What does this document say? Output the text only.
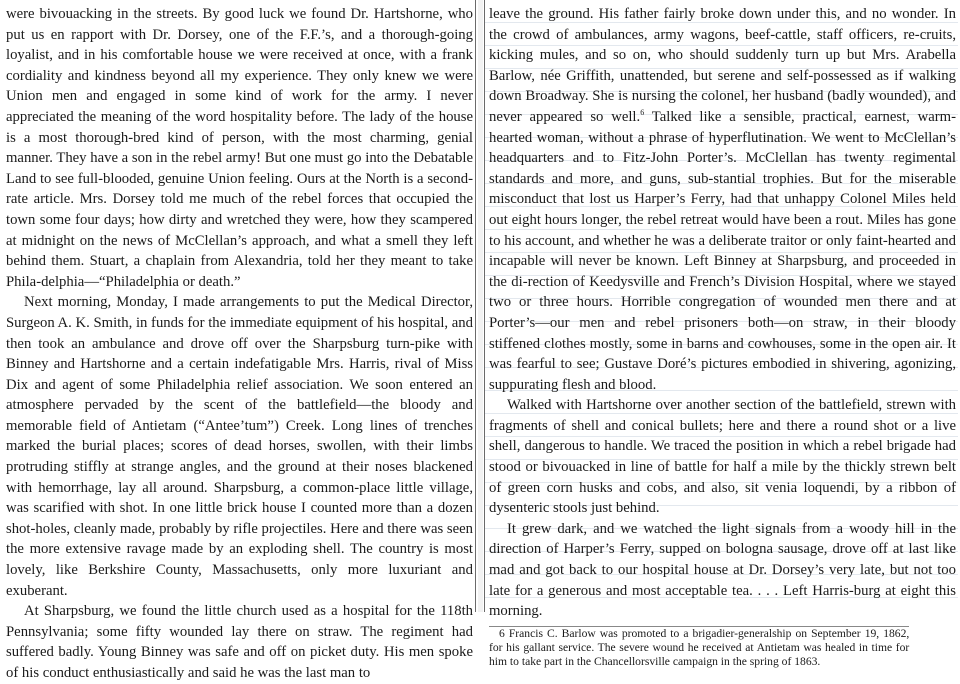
were bivouacking in the streets. By good luck we found Dr. Hartshorne, who put us en rapport with Dr. Dorsey, one of the F.F.’s, and a thorough-going loyalist, and in his comfortable house we were received at once, with a frank cordiality and kindness beyond all my experience. They only knew we were Union men and engaged in some kind of work for the army. I never appreciated the meaning of the word hospitality before. The lady of the house is a most thorough-bred kind of person, with the most charming, genial manner. They have a son in the rebel army! But one must go into the Debatable Land to see full-blooded, genuine Union feeling. Ours at the North is a second-rate article. Mrs. Dorsey told me much of the rebel forces that occupied the town some four days; how dirty and wretched they were, how they scampered at midnight on the news of McClellan’s approach, and what a smell they left behind them. Stuart, a chaplain from Alexandria, told her they meant to take Phila-delphia—“Philadelphia or death.”

Next morning, Monday, I made arrangements to put the Medical Director, Surgeon A. K. Smith, in funds for the immediate equipment of his hospital, and then took an ambulance and drove off over the Sharpsburg turn-pike with Binney and Hartshorne and a certain indefatigable Mrs. Harris, rival of Miss Dix and agent of some Philadelphia relief association. We soon entered an atmosphere pervaded by the scent of the battlefield—the bloody and memorable field of Antietam (“Antee’tum”) Creek. Long lines of trenches marked the burial places; scores of dead horses, swollen, with their limbs protruding stiffly at strange angles, and the ground at their noses blackened with hemorrhage, lay all around. Sharpsburg, a common-place little village, was scarified with shot. In one little brick house I counted more than a dozen shot-holes, cleanly made, probably by rifle projectiles. Here and there was seen the more extensive ravage made by an exploding shell. The country is most lovely, like Berkshire County, Massachusetts, only more luxuriant and exuberant.

At Sharpsburg, we found the little church used as a hospital for the 118th Pennsylvania; some fifty wounded lay there on straw. The regiment had suffered badly. Young Binney was safe and off on picket duty. His men spoke of his conduct enthusiastically and said he was the last man to

leave the ground. His father fairly broke down under this, and no wonder. In the crowd of ambulances, army wagons, beef-cattle, staff officers, re-cruits, kicking mules, and so on, who should suddenly turn up but Mrs. Arabella Barlow, née Griffith, unattended, but serene and self-possessed as if walking down Broadway. She is nursing the colonel, her husband (badly wounded), and never appeared so well.$^6$ Talked like a sensible, practical, earnest, warm-hearted woman, without a phrase of hyperflutination. We went to McClellan’s headquarters and to Fitz-John Porter’s. McClellan has twenty regimental standards and more, and guns, sub-stantial trophies. But for the miserable misconduct that lost us Harper’s Ferry, had that unhappy Colonel Miles held out eight hours longer, the rebel retreat would have been a rout. Miles has gone to his account, and whether he was a deliberate traitor or only faint-hearted and incapable will never be known. Left Binney at Sharpsburg, and proceeded in the di-rection of Keedysville and French’s Division Hospital, where we stayed two or three hours. Horrible congregation of wounded men there and at Porter’s—our men and rebel prisoners both—on straw, in their bloody stiffened clothes mostly, some in barns and cowhouses, some in the open air. It was fearful to see; Gustave Doré’s pictures embodied in shivering, agonizing, suppurating flesh and blood.

Walked with Hartshorne over another section of the battlefield, strewn with fragments of shell and conical bullets; here and there a round shot or a live shell, dangerous to handle. We traced the position in which a rebel brigade had stood or bivouacked in line of battle for half a mile by the thickly strewn belt of green corn husks and cobs, and also, sit venia loquendi, by a ribbon of dysenteric stools just behind.

It grew dark, and we watched the light signals from a woody hill in the direction of Harper’s Ferry, supped on bologna sausage, drove off at last like mad and got back to our hospital house at Dr. Dorsey’s very late, but not too late for a generous and most acceptable tea. . . . Left Harris-burg at eight this morning.

6 Francis C. Barlow was promoted to a brigadier-generalship on September 19, 1862, for his gallant service. The severe wound he received at Antietam was healed in time for him to take part in the Chancellorsville campaign in the spring of 1863.
